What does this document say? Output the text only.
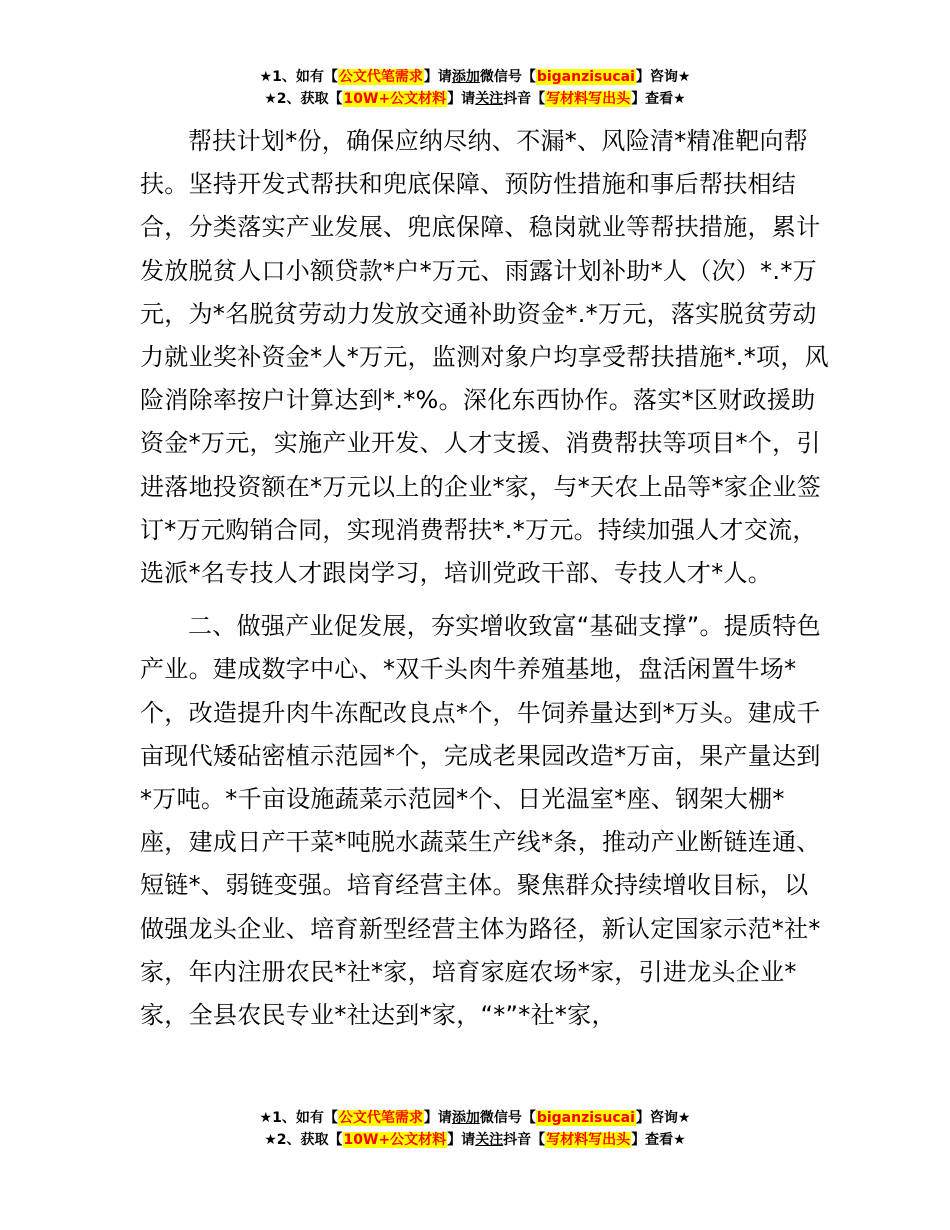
★1、如有【公文代笔需求】请添加微信号【biganzisucai】咨询★
★2、获取【10W+公文材料】请关注抖音【写材料写出头】查看★

帮扶计划*份，确保应纳尽纳、不漏*、风险清*精准靶向帮扶。坚持开发式帮扶和兜底保障、预防性措施和事后帮扶相结合，分类落实产业发展、兜底保障、稳岗就业等帮扶措施，累计发放脱贫人口小额贷款*户*万元、雨露计划补助*人（次）*.*万元，为*名脱贫劳动力发放交通补助资金*.*万元，落实脱贫劳动力就业奖补资金*人*万元，监测对象户均享受帮扶措施*.*项，风险消除率按户计算达到*.*%。深化东西协作。落实*区财政援助资金*万元，实施产业开发、人才支援、消费帮扶等项目*个，引进落地投资额在*万元以上的企业*家，与*天农上品等*家企业签订*万元购销合同，实现消费帮扶*.*万元。持续加强人才交流，选派*名专技人才跟岗学习，培训党政干部、专技人才*人。

二、做强产业促发展，夯实增收致富“基础支撑”。提质特色产业。建成数字中心、*双千头肉牛养殖基地，盘活闲置牛场*个，改造提升肉牛冻配改良点*个，牛饲养量达到*万头。建成千亩现代矮砧密植示范园*个，完成老果园改造*万亩，果产量达到*万吨。*千亩设施蔬菜示范园*个、日光温室*座、钢架大棚*座，建成日产干菜*吨脱水蔬菜生产线*条，推动产业断链连通、短链*、弱链变强。培育经营主体。聚焦群众持续增收目标，以做强龙头企业、培育新型经营主体为路径，新认定国家示范*社*家，年内注册农民*社*家，培育家庭农场*家，引进龙头企业*家，全县农民专业*社达到*家，“*”*社*家，

★1、如有【公文代笔需求】请添加微信号【biganzisucai】咨询★
★2、获取【10W+公文材料】请关注抖音【写材料写出头】查看★
